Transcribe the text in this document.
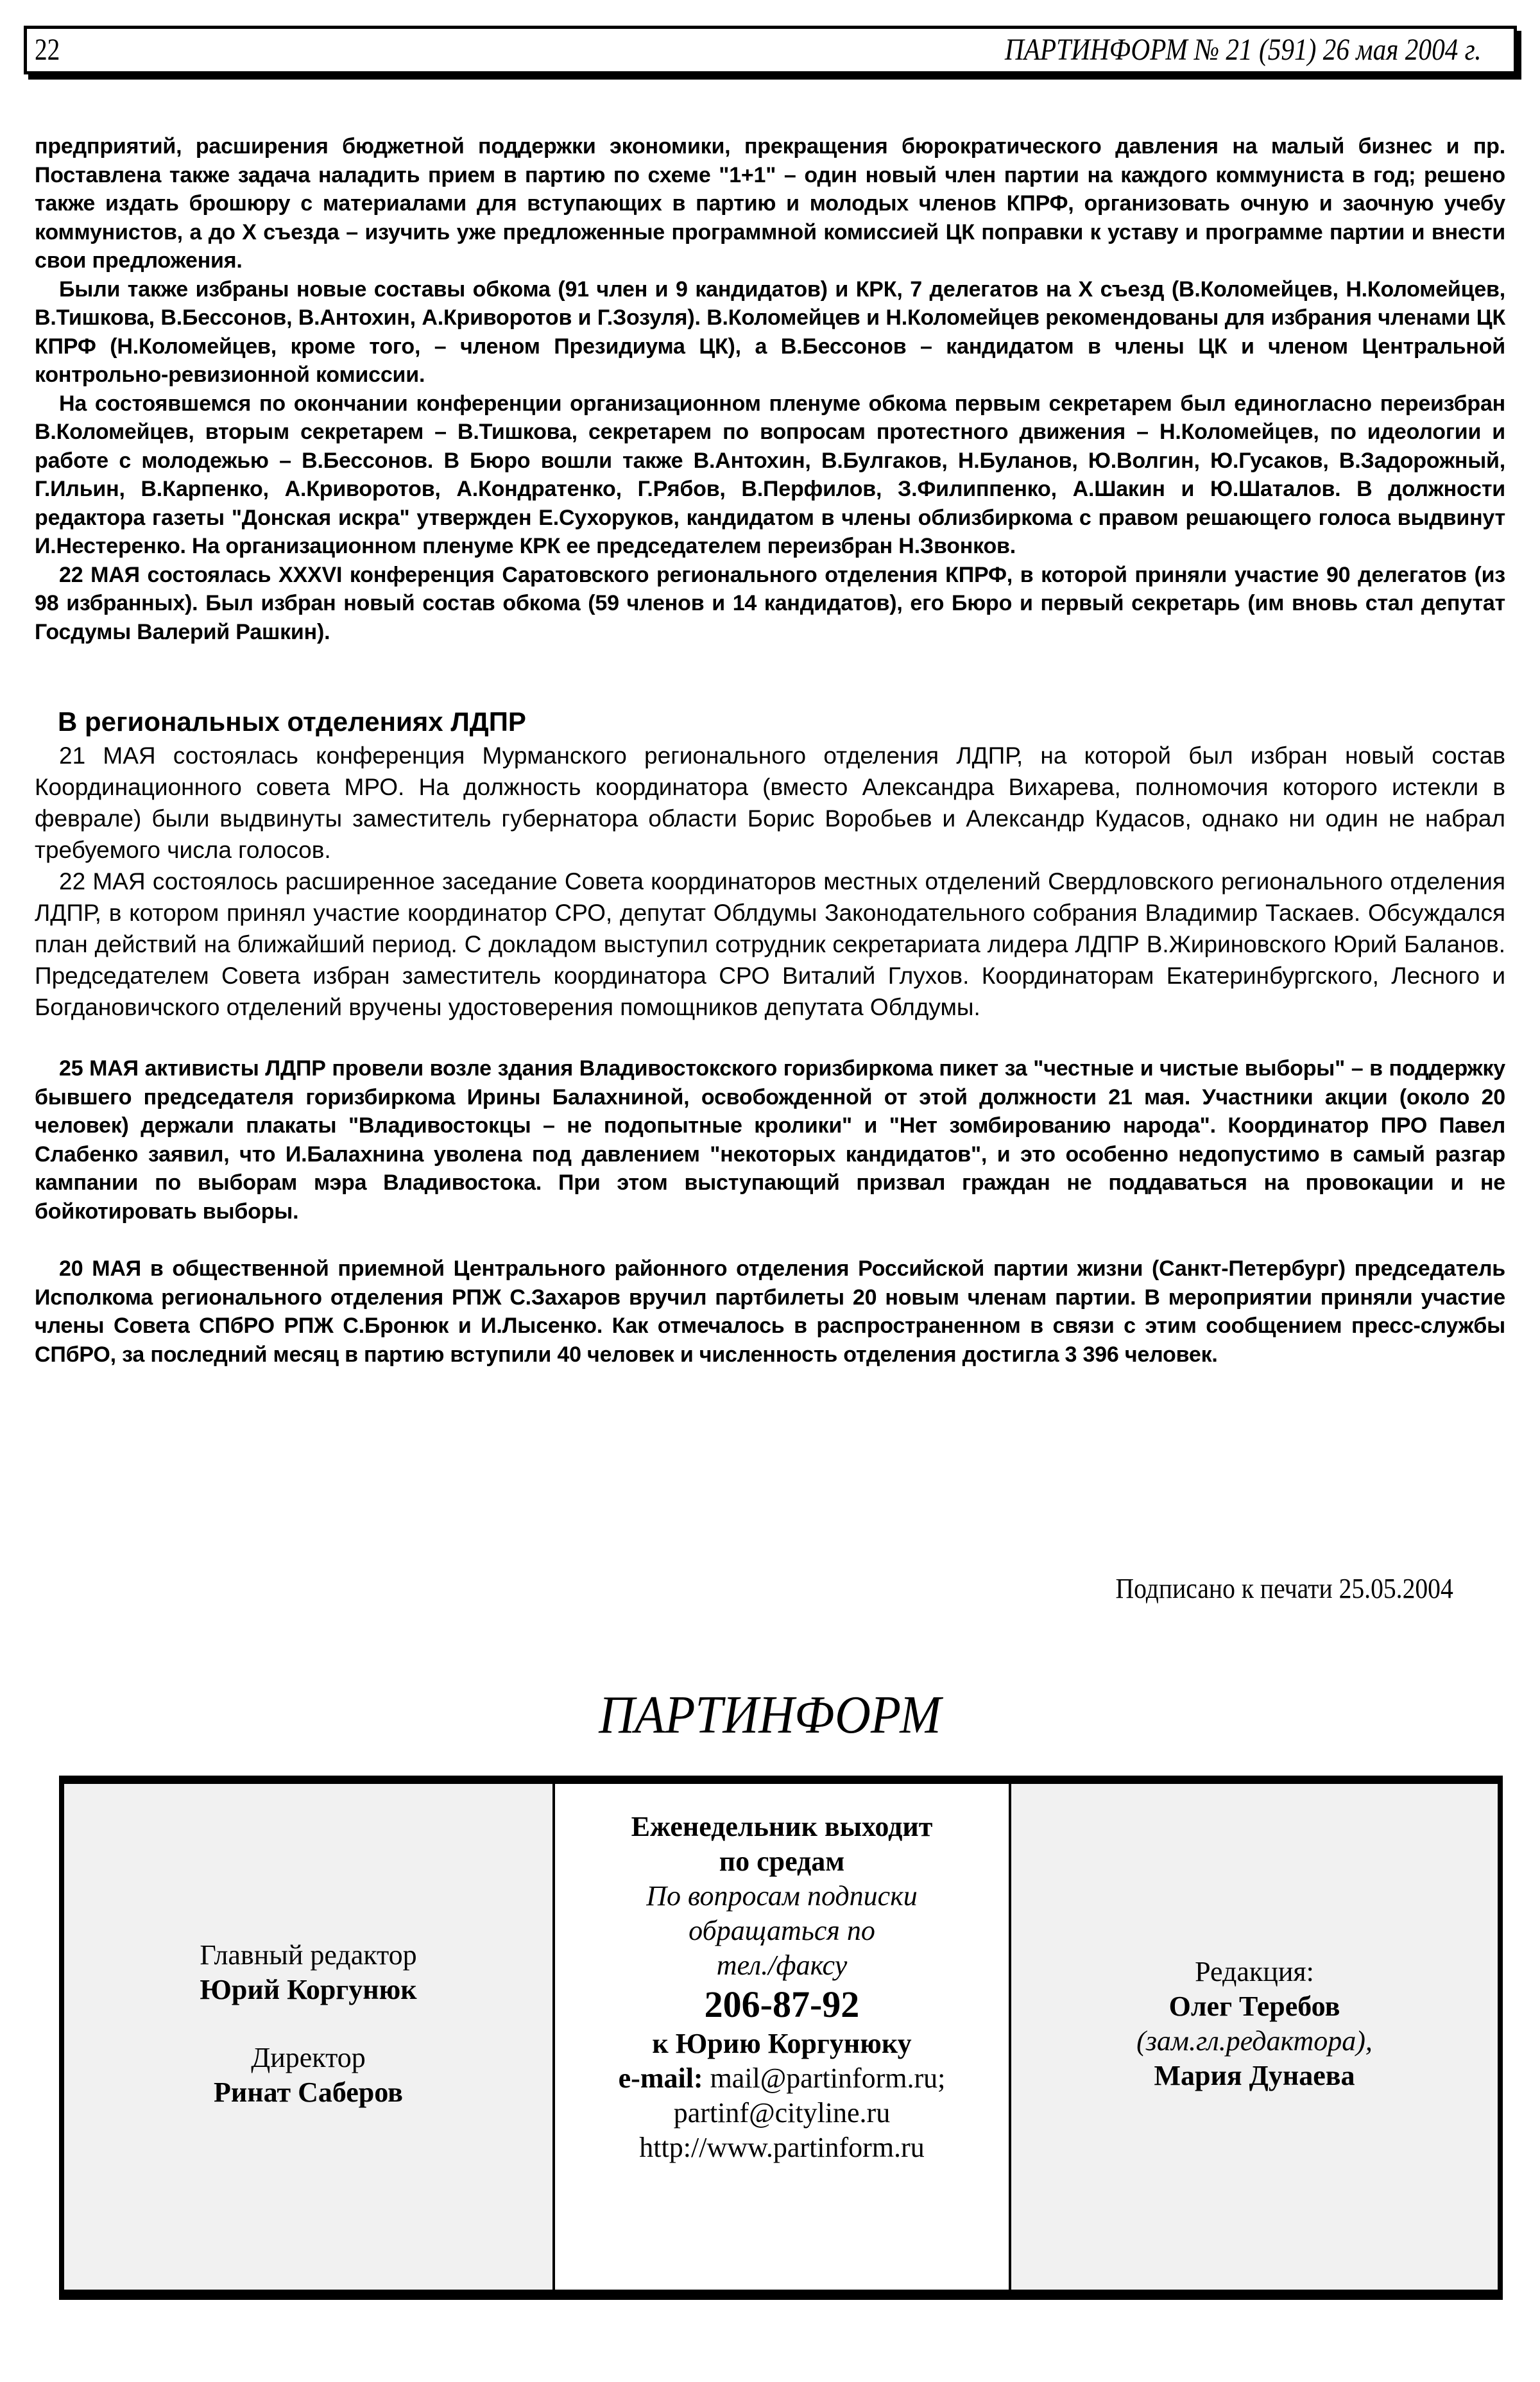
22	ПАРТИНФОРМ № 21 (591) 26 мая 2004 г.

предприятий, расширения бюджетной поддержки экономики, прекращения бюрократического давления на малый бизнес и пр. Поставлена также задача наладить прием в партию по схеме "1+1" – один новый член партии на каждого коммуниста в год; решено также издать брошюру с материалами для вступающих в партию и молодых членов КПРФ, организовать очную и заочную учебу коммунистов, а до X съезда – изучить уже предложенные программной комиссией ЦК поправки к уставу и программе партии и внести свои предложения.

Были также избраны новые составы обкома (91 член и 9 кандидатов) и КРК, 7 делегатов на X съезд (В.Коломейцев, Н.Коломейцев, В.Тишкова, В.Бессонов, В.Антохин, А.Криворотов и Г.Зозуля). В.Коломейцев и Н.Коломейцев рекомендованы для избрания членами ЦК КПРФ (Н.Коломейцев, кроме того, – членом Президиума ЦК), а В.Бессонов – кандидатом в члены ЦК и членом Центральной контрольно-ревизионной комиссии.

На состоявшемся по окончании конференции организационном пленуме обкома первым секретарем был единогласно переизбран В.Коломейцев, вторым секретарем – В.Тишкова, секретарем по вопросам протестного движения – Н.Коломейцев, по идеологии и работе с молодежью – В.Бессонов. В Бюро вошли также В.Антохин, В.Булгаков, Н.Буланов, Ю.Волгин, Ю.Гусаков, В.Задорожный, Г.Ильин, В.Карпенко, А.Криворотов, А.Кондратенко, Г.Рябов, В.Перфилов, З.Филиппенко, А.Шакин и Ю.Шаталов. В должности редактора газеты "Донская искра" утвержден Е.Сухоруков, кандидатом в члены облизбиркома с правом решающего голоса выдвинут И.Нестеренко. На организационном пленуме КРК ее председателем переизбран Н.Звонков.

22 МАЯ состоялась XXXVI конференция Саратовского регионального отделения КПРФ, в которой приняли участие 90 делегатов (из 98 избранных). Был избран новый состав обкома (59 членов и 14 кандидатов), его Бюро и первый секретарь (им вновь стал депутат Госдумы Валерий Рашкин).

В региональных отделениях ЛДПР

21 МАЯ состоялась конференция Мурманского регионального отделения ЛДПР, на которой был избран новый состав Координационного совета МРО. На должность координатора (вместо Александра Вихарева, полномочия которого истекли в феврале) были выдвинуты заместитель губернатора области Борис Воробьев и Александр Кудасов, однако ни один не набрал требуемого числа голосов.

22 МАЯ состоялось расширенное заседание Совета координаторов местных отделений Свердловского регионального отделения ЛДПР, в котором принял участие координатор СРО, депутат Облдумы Законодательного собрания Владимир Таскаев. Обсуждался план действий на ближайший период. С докладом выступил сотрудник секретариата лидера ЛДПР В.Жириновского Юрий Баланов. Председателем Совета избран заместитель координатора СРО Виталий Глухов. Координаторам Екатеринбургского, Лесного и Богдановичского отделений вручены удостоверения помощников депутата Облдумы.

25 МАЯ активисты ЛДПР провели возле здания Владивостокского горизбиркома пикет за "честные и чистые выборы" – в поддержку бывшего председателя горизбиркома Ирины Балахниной, освобожденной от этой должности 21 мая. Участники акции (около 20 человек) держали плакаты "Владивостокцы – не подопытные кролики" и "Нет зомбированию народа". Координатор ПРО Павел Слабенко заявил, что И.Балахнина уволена под давлением "некоторых кандидатов", и это особенно недопустимо в самый разгар кампании по выборам мэра Владивостока. При этом выступающий призвал граждан не поддаваться на провокации и не бойкотировать выборы.

20 МАЯ в общественной приемной Центрального районного отделения Российской партии жизни (Санкт-Петербург) председатель Исполкома регионального отделения РПЖ С.Захаров вручил партбилеты 20 новым членам партии. В мероприятии приняли участие члены Совета СПбРО РПЖ С.Бронюк и И.Лысенко. Как отмечалось в распространенном в связи с этим сообщением пресс-службы СПбРО, за последний месяц в партию вступили 40 человек и численность отделения достигла 3 396 человек.

Подписано к печати 25.05.2004
ПАРТИНФОРМ
Главный редактор
Юрий Коргунюк
Директор
Ринат Саберов
Еженедельник выходит
по средам
По вопросам подписки
обращаться по
тел./факсу
206-87-92
к Юрию Коргунюку
e-mail: mail@partinform.ru;
partinf@cityline.ru
http://www.partinform.ru
Редакция:
Олег Теребов
(зам.гл.редактора),
Мария Дунаева
